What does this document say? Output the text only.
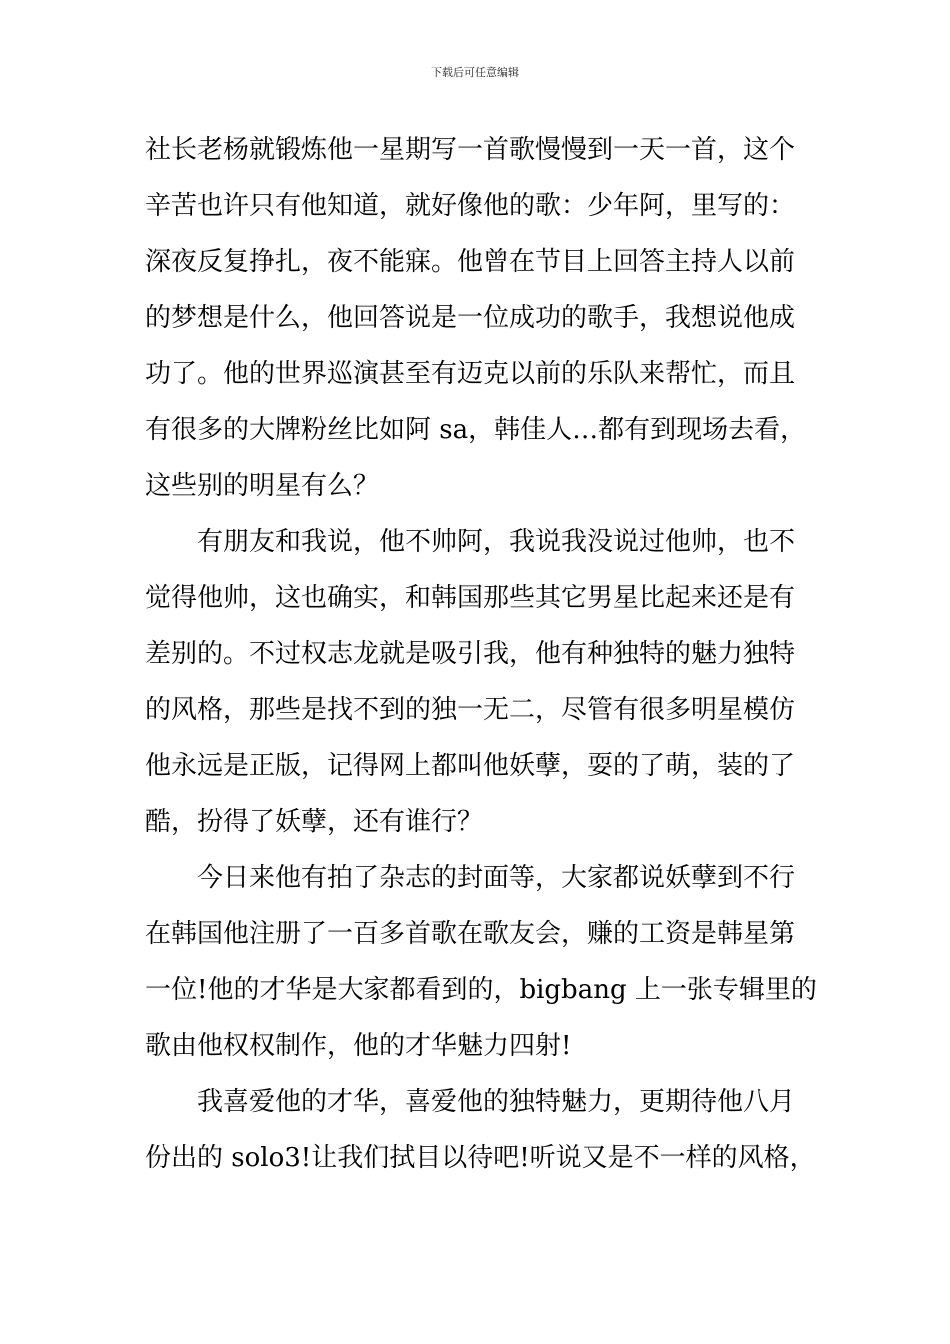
下载后可任意编辑
社长老杨就锻炼他一星期写一首歌慢慢到一天一首，这个
辛苦也许只有他知道，就好像他的歌：少年阿，里写的：
深夜反复挣扎，夜不能寐。他曾在节目上回答主持人以前
的梦想是什么，他回答说是一位成功的歌手，我想说他成
功了。他的世界巡演甚至有迈克以前的乐队来帮忙，而且
有很多的大牌粉丝比如阿 sa，韩佳人…都有到现场去看，
这些别的明星有么？
有朋友和我说，他不帅阿，我说我没说过他帅，也不
觉得他帅，这也确实，和韩国那些其它男星比起来还是有
差别的。不过权志龙就是吸引我，他有种独特的魅力独特
的风格，那些是找不到的独一无二，尽管有很多明星模仿
他永远是正版，记得网上都叫他妖孽，耍的了萌，装的了
酷，扮得了妖孽，还有谁行？
今日来他有拍了杂志的封面等，大家都说妖孽到不行
在韩国他注册了一百多首歌在歌友会，赚的工资是韩星第
一位!他的才华是大家都看到的，bigbang 上一张专辑里的
歌由他权权制作，他的才华魅力四射!
我喜爱他的才华，喜爱他的独特魅力，更期待他八月
份出的 solo3!让我们拭目以待吧!听说又是不一样的风格，
